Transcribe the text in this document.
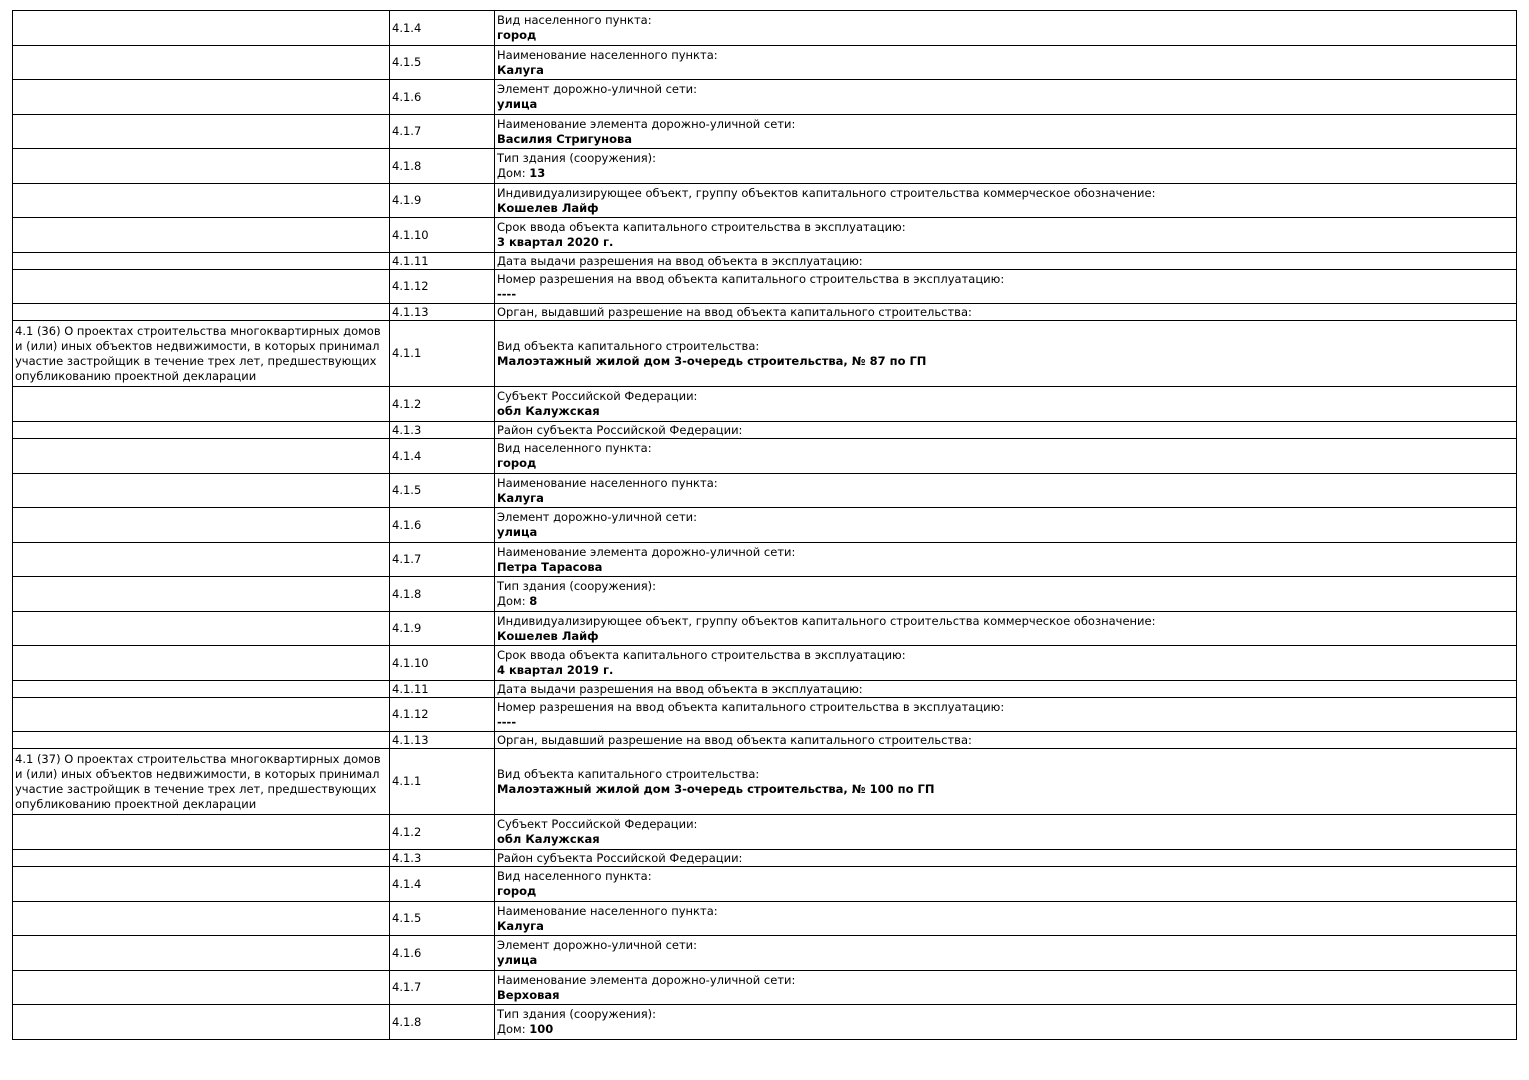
	4.1.4	Вид населенного пункта:
город

	4.1.5	Наименование населенного пункта:
Калуга

	4.1.6	Элемент дорожно-уличной сети:
улица

	4.1.7	Наименование элемента дорожно-уличной сети:
Василия Стригунова

	4.1.8	Тип здания (сооружения):
Дом: 13

	4.1.9	Индивидуализирующее объект, группу объектов капитального строительства коммерческое обозначение:
Кошелев Лайф

	4.1.10	Срок ввода объекта капитального строительства в эксплуатацию:
3 квартал 2020 г.

	4.1.11	Дата выдачи разрешения на ввод объекта в эксплуатацию:

	4.1.12	Номер разрешения на ввод объекта капитального строительства в эксплуатацию:
----

	4.1.13	Орган, выдавший разрешение на ввод объекта капитального строительства:

4.1 (36) О проектах строительства многоквартирных домов и (или) иных объектов недвижимости, в которых принимал участие застройщик в течение трех лет, предшествующих опубликованию проектной декларации	4.1.1	Вид объекта капитального строительства:
Малоэтажный жилой дом 3-очередь строительства, № 87 по ГП

	4.1.2	Субъект Российской Федерации:
обл Калужская

	4.1.3	Район субъекта Российской Федерации:

	4.1.4	Вид населенного пункта:
город

	4.1.5	Наименование населенного пункта:
Калуга

	4.1.6	Элемент дорожно-уличной сети:
улица

	4.1.7	Наименование элемента дорожно-уличной сети:
Петра Тарасова

	4.1.8	Тип здания (сооружения):
Дом: 8

	4.1.9	Индивидуализирующее объект, группу объектов капитального строительства коммерческое обозначение:
Кошелев Лайф

	4.1.10	Срок ввода объекта капитального строительства в эксплуатацию:
4 квартал 2019 г.

	4.1.11	Дата выдачи разрешения на ввод объекта в эксплуатацию:

	4.1.12	Номер разрешения на ввод объекта капитального строительства в эксплуатацию:
----

	4.1.13	Орган, выдавший разрешение на ввод объекта капитального строительства:

4.1 (37) О проектах строительства многоквартирных домов и (или) иных объектов недвижимости, в которых принимал участие застройщик в течение трех лет, предшествующих опубликованию проектной декларации	4.1.1	Вид объекта капитального строительства:
Малоэтажный жилой дом 3-очередь строительства, № 100 по ГП

	4.1.2	Субъект Российской Федерации:
обл Калужская

	4.1.3	Район субъекта Российской Федерации:

	4.1.4	Вид населенного пункта:
город

	4.1.5	Наименование населенного пункта:
Калуга

	4.1.6	Элемент дорожно-уличной сети:
улица

	4.1.7	Наименование элемента дорожно-уличной сети:
Верховая

	4.1.8	Тип здания (сооружения):
Дом: 100
